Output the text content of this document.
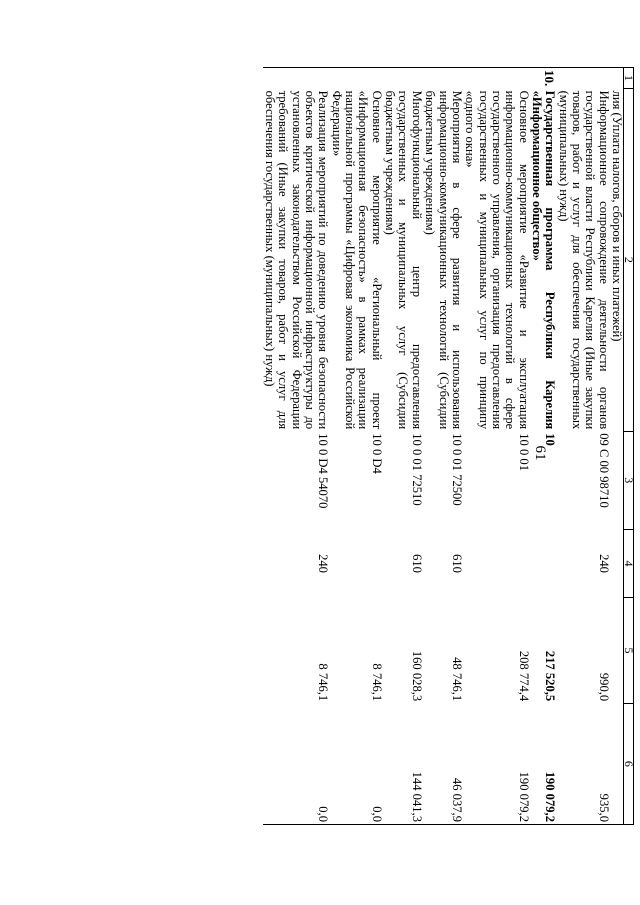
61
1	2	3	4	5	6
	лия (Уплата налогов, сборов и иных платежей)				
	Информационное сопровождение деятельности органов государственной власти Республики Карелия (Иные закупки товаров, работ и услуг для обеспечения государственных (муниципальных) нужд)	09 С 00 98710	240	990,0	935,0
10.	Государственная программа Республики Карелия «Информационное общество»	10		217 520,5	190 079,2
	Основное мероприятие «Развитие и эксплуатация информационно-коммуникационных технологий в сфере государственного управления, организация предоставления государственных и муниципальных услуг по принципу «одного окна»	10 0 01		208 774,4	190 079,2
	Мероприятия в сфере развития и использования информационно-коммуникационных технологий (Субсидии бюджетным учреждениям)	10 0 01 72500	610	48 746,1	46 037,9
	Многофункциональный центр предоставления государственных и муниципальных услуг (Субсидии бюджетным учреждениям)	10 0 01 72510	610	160 028,3	144 041,3
	Основное мероприятие «Региональный проект «Информационная безопасность» в рамках реализации национальной программы «Цифровая экономика Российской Федерации»	10 0 D4		8 746,1	0,0
	Реализация мероприятий по доведению уровня безопасности объектов критической информационной инфраструктуры до установленных законодательством Российской Федерации требований (Иные закупки товаров, работ и услуг для обеспечения государственных (муниципальных) нужд)	10 0 D4 54070	240	8 746,1	0,0
